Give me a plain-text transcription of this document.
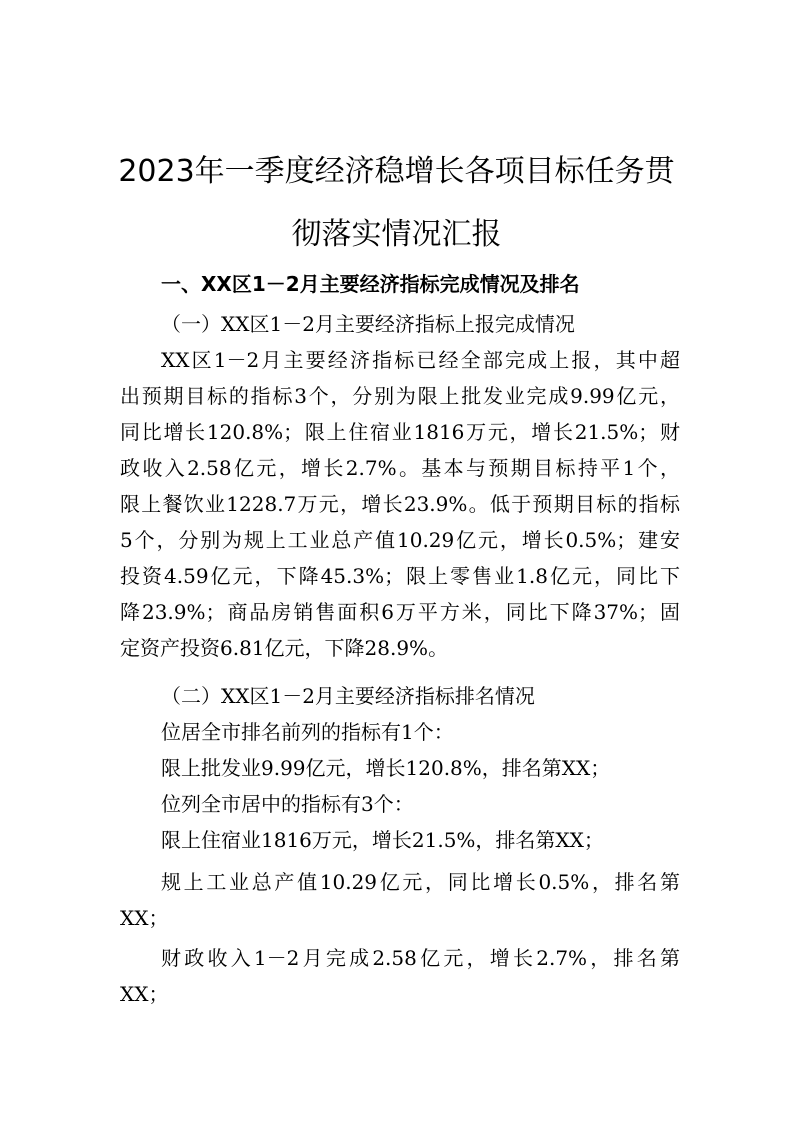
2023年一季度经济稳增长各项目标任务贯
彻落实情况汇报
一、XX区1－2月主要经济指标完成情况及排名
（一）XX区1－2月主要经济指标上报完成情况
XX区1－2月主要经济指标已经全部完成上报，其中超
出预期目标的指标3个，分别为限上批发业完成9.99亿元，
同比增长120.8%；限上住宿业1816万元，增长21.5%；财
政收入2.58亿元，增长2.7%。基本与预期目标持平1个，
限上餐饮业1228.7万元，增长23.9%。低于预期目标的指标
5个，分别为规上工业总产值10.29亿元，增长0.5%；建安
投资4.59亿元，下降45.3%；限上零售业1.8亿元，同比下
降23.9%；商品房销售面积6万平方米，同比下降37%；固
定资产投资6.81亿元，下降28.9%。
（二）XX区1－2月主要经济指标排名情况
位居全市排名前列的指标有1个：
限上批发业9.99亿元，增长120.8%，排名第XX；
位列全市居中的指标有3个：
限上住宿业1816万元，增长21.5%，排名第XX；
规上工业总产值10.29亿元，同比增长0.5%，排名第
XX；
财政收入1－2月完成2.58亿元，增长2.7%，排名第
XX；
